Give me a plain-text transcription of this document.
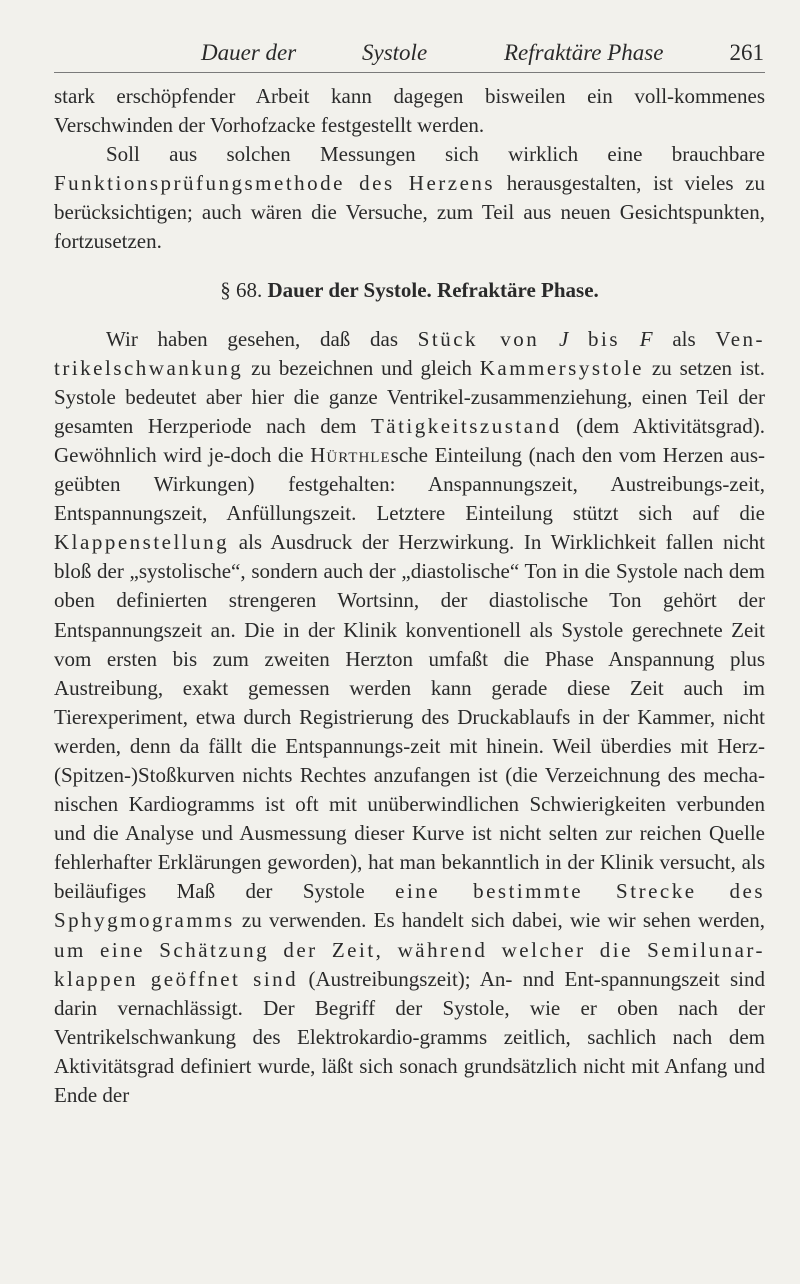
Dauer der	Systole	Refraktäre Phase	261

stark erschöpfender Arbeit kann dagegen bisweilen ein voll-kommenes Verschwinden der Vorhofzacke festgestellt werden.

Soll aus solchen Messungen sich wirklich eine brauchbare Funktionsprüfungsmethode des Herzens herausgestalten, ist vieles zu berücksichtigen; auch wären die Versuche, zum Teil aus neuen Gesichtspunkten, fortzusetzen.

§ 68. Dauer der Systole. Refraktäre Phase.

Wir haben gesehen, daß das Stück von J bis F als Ven-trikelschwankung zu bezeichnen und gleich Kammersystole zu setzen ist. Systole bedeutet aber hier die ganze Ventrikel-zusammenziehung, einen Teil der gesamten Herzperiode nach dem Tätigkeitszustand (dem Aktivitätsgrad). Gewöhnlich wird je-doch die Hürthlesche Einteilung (nach den vom Herzen aus-geübten Wirkungen) festgehalten: Anspannungszeit, Austreibungs-zeit, Entspannungszeit, Anfüllungszeit. Letztere Einteilung stützt sich auf die Klappenstellung als Ausdruck der Herzwirkung. In Wirklichkeit fallen nicht bloß der „systolische“, sondern auch der „diastolische“ Ton in die Systole nach dem oben definierten strengeren Wortsinn, der diastolische Ton gehört der Entspannungszeit an. Die in der Klinik konventionell als Systole gerechnete Zeit vom ersten bis zum zweiten Herzton umfaßt die Phase Anspannung plus Austreibung, exakt gemessen werden kann gerade diese Zeit auch im Tierexperiment, etwa durch Registrierung des Druckablaufs in der Kammer, nicht werden, denn da fällt die Entspannungs-zeit mit hinein. Weil überdies mit Herz-(Spitzen-)Stoßkurven nichts Rechtes anzufangen ist (die Verzeichnung des mecha-nischen Kardiogramms ist oft mit unüberwindlichen Schwierigkeiten verbunden und die Analyse und Ausmessung dieser Kurve ist nicht selten zur reichen Quelle fehlerhafter Erklärungen geworden), hat man bekanntlich in der Klinik versucht, als beiläufiges Maß der Systole eine bestimmte Strecke des Sphygmogramms zu verwenden. Es handelt sich dabei, wie wir sehen werden, um eine Schätzung der Zeit, während welcher die Semilunar-klappen geöffnet sind (Austreibungszeit); An- nnd Ent-spannungszeit sind darin vernachlässigt. Der Begriff der Systole, wie er oben nach der Ventrikelschwankung des Elektrokardio-gramms zeitlich, sachlich nach dem Aktivitätsgrad definiert wurde, läßt sich sonach grundsätzlich nicht mit Anfang und Ende der
